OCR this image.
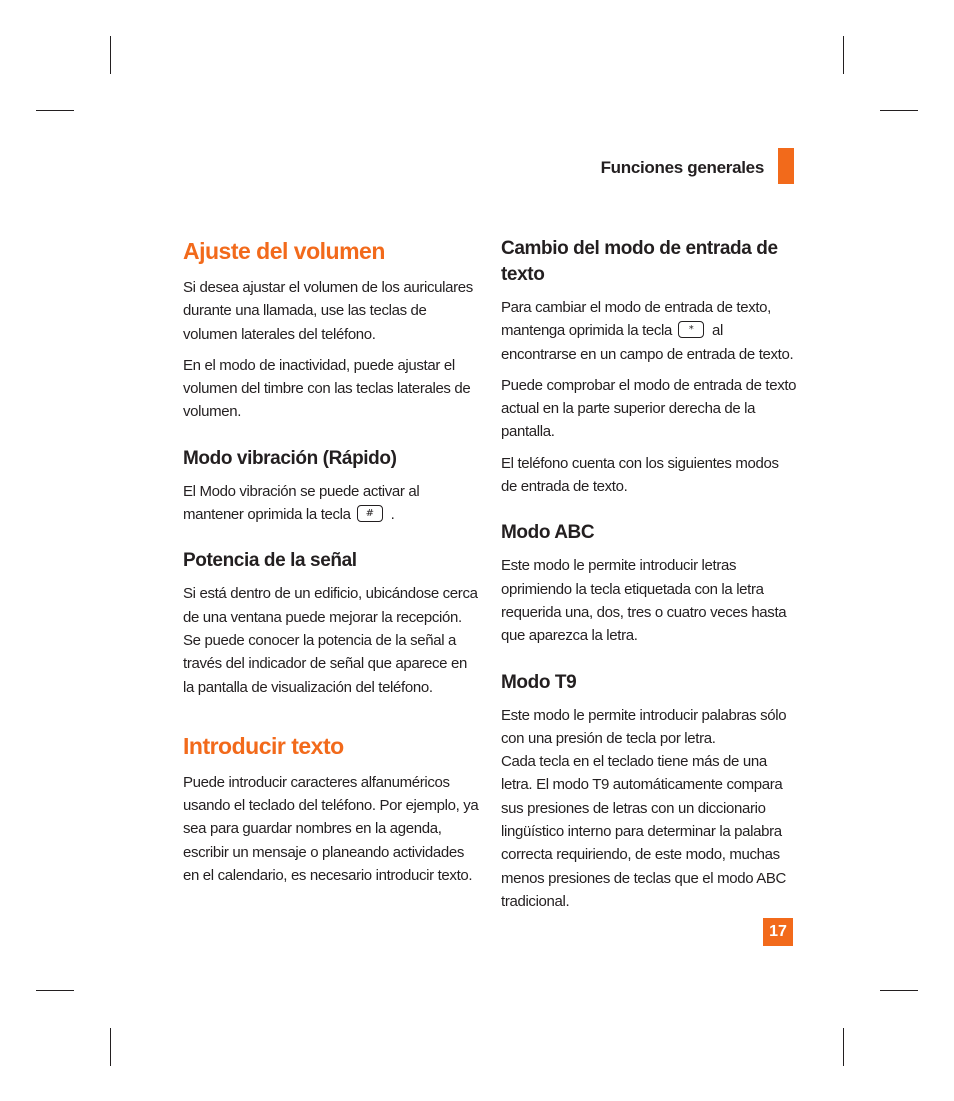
Funciones generales
Ajuste del volumen

Si desea ajustar el volumen de los auriculares durante una llamada, use las teclas de volumen laterales del teléfono.

En el modo de inactividad, puede ajustar el volumen del timbre con las teclas laterales de volumen.

Modo vibración (Rápido)

El Modo vibración se puede activar al mantener oprimida la tecla # .

Potencia de la señal

Si está dentro de un edificio, ubicándose cerca de una ventana puede mejorar la recepción.

Se puede conocer la potencia de la señal a través del indicador de señal que aparece en la pantalla de visualización del teléfono.

Introducir texto

Puede introducir caracteres alfanuméricos usando el teclado del teléfono. Por ejemplo, ya sea para guardar nombres en la agenda, escribir un mensaje o planeando actividades en el calendario, es necesario introducir texto.

Cambio del modo de entrada de texto

Para cambiar el modo de entrada de texto, mantenga oprimida la tecla * al encontrarse en un campo de entrada de texto.

Puede comprobar el modo de entrada de texto actual en la parte superior derecha de la pantalla.

El teléfono cuenta con los siguientes modos de entrada de texto.

Modo ABC

Este modo le permite introducir letras oprimiendo la tecla etiquetada con la letra requerida una, dos, tres o cuatro veces hasta que aparezca la letra.

Modo T9

Este modo le permite introducir palabras sólo con una presión de tecla por letra.

Cada tecla en el teclado tiene más de una letra. El modo T9 automáticamente compara sus presiones de letras con un diccionario lingüístico interno para determinar la palabra correcta requiriendo, de este modo, muchas menos presiones de teclas que el modo ABC tradicional.

17
